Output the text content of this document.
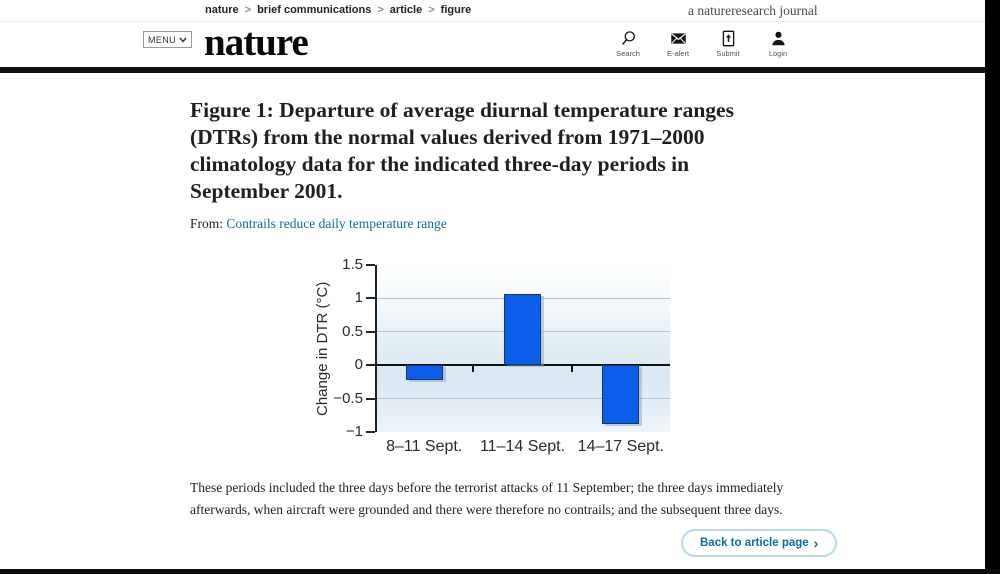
nature > brief communications > article > figure	a natureresearch journal
MENU nature	Search	E-alert	Submit	Login
Figure 1: Departure of average diurnal temperature ranges (DTRs) from the normal values derived from 1971–2000 climatology data for the indicated three-day periods in September 2001.

From: Contrails reduce daily temperature range

Change in DTR (°C)
1.5
1
0.5
0
−0.5
−1
8–11 Sept.	11–14 Sept. 14–17 Sept.

These periods included the three days before the terrorist attacks of 11 September; the three days immediately afterwards, when aircraft were grounded and there were therefore no contrails; and the subsequent three days.

Back to article page ›
